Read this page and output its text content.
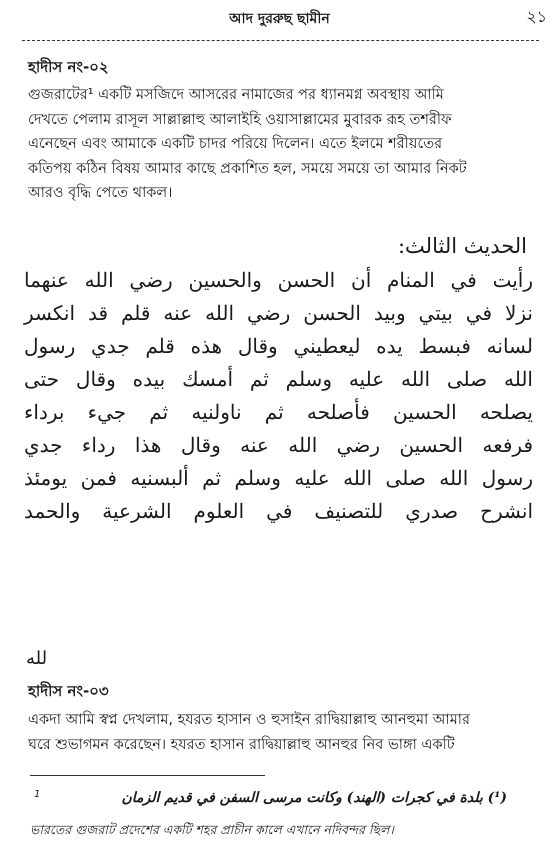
আদ দুররুছ ছামীন	২১
হাদীস নং-০২
গুজরাটের¹ একটি মসজিদে আসরের নামাজের পর ধ্যানমগ্ন অবস্থায় আমি
দেখতে পেলাম রাসূল সাল্লাল্লাহু আলাইহি ওয়াসাল্লামের মুবারক রূহ তশরীফ
এনেছেন এবং আমাকে একটি চাদর পরিয়ে দিলেন। এতে ইলমে শরীয়তের
কতিপয় কঠিন বিষয় আমার কাছে প্রকাশিত হল, সময়ে সময়ে তা আমার নিকট
আরও বৃদ্ধি পেতে থাকল।
الحديث الثالث:
رأيت في المنام أن الحسن والحسين رضي الله عنهما
نزلا في بيتي وبيد الحسن رضي الله عنه قلم قد انكسر
لسانه فبسط يده ليعطيني وقال هذه قلم جدي رسول
الله صلى الله عليه وسلم ثم أمسك بيده وقال حتى
يصلحه الحسين فأصلحه ثم ناولنيه ثم جيء برداء
فرفعه الحسين رضي الله عنه وقال هذا رداء جدي
رسول الله صلى الله عليه وسلم ثم ألبسنيه فمن يومئذ
انشرح صدري للتصنيف في العلوم الشرعية والحمد
لله
হাদীস নং-০৩
একদা আমি স্বপ্ন দেখলাম, হযরত হাসান ও হুসাইন রাদ্বিয়াল্লাহু আনহুমা আমার
ঘরে শুভাগমন করেছেন। হযরত হাসান রাদ্বিয়াল্লাহু আনহুর নিব ভাঙ্গা একটি
1	(¹) بلدة في كجرات (الهند) وكانت مرسى السفن في قديم الزمان
ভারতের গুজরাট প্রদেশের একটি শহর প্রাচীন কালে এখানে নদিবন্দর ছিল।
